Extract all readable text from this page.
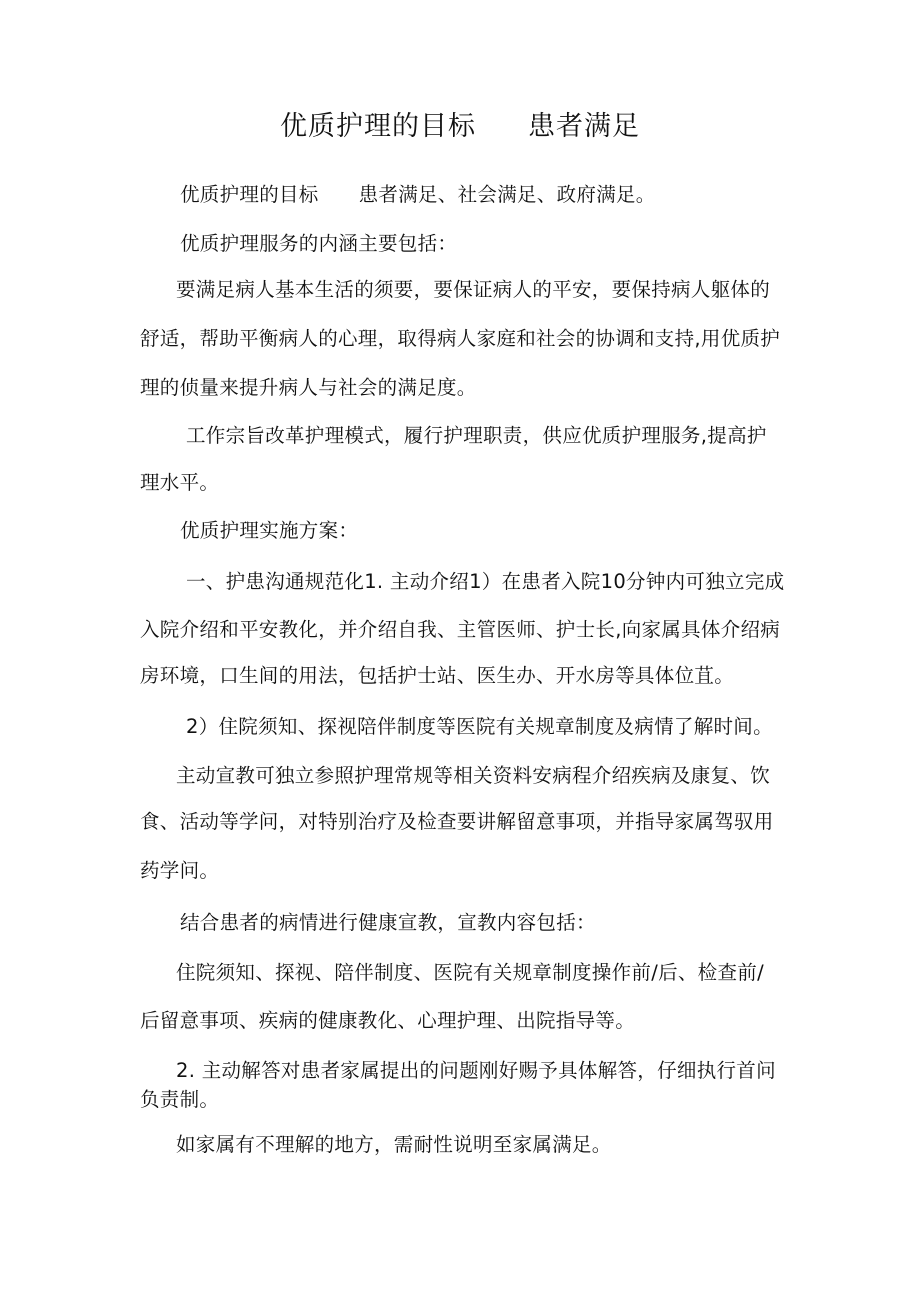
优质护理的目标 患者满足
优质护理的目标 患者满足、社会满足、政府满足。
优质护理服务的内涵主要包括：
要满足病人基本生活的须要，要保证病人的平安，要保持病人躯体的
舒适，帮助平衡病人的心理，取得病人家庭和社会的协调和支持,用优质护
理的侦量来提升病人与社会的满足度。
工作宗旨改革护理模式，履行护理职责，供应优质护理服务,提高护
理水平。
优质护理实施方案：
一、护患沟通规范化1. 主动介绍1）在患者入院10分钟内可独立完成
入院介绍和平安教化，并介绍自我、主管医师、护士长,向家属具体介绍病
房环境，口生间的用法，包括护士站、医生办、开水房等具体位苴。
2）住院须知、探视陪伴制度等医院有关规章制度及病情了解时间。
主动宣教可独立参照护理常规等相关资料安病程介绍疾病及康复、饮
食、活动等学问，对特别治疗及检查要讲解留意事项，并指导家属驾驭用
药学问。
结合患者的病情进行健康宣教，宣教内容包括：
住院须知、探视、陪伴制度、医院有关规章制度操作前/后、检查前/
后留意事项、疾病的健康教化、心理护理、出院指导等。
2. 主动解答对患者家属提出的问题刚好赐予具体解答，仔细执行首问
负责制。
如家属有不理解的地方，需耐性说明至家属满足。
